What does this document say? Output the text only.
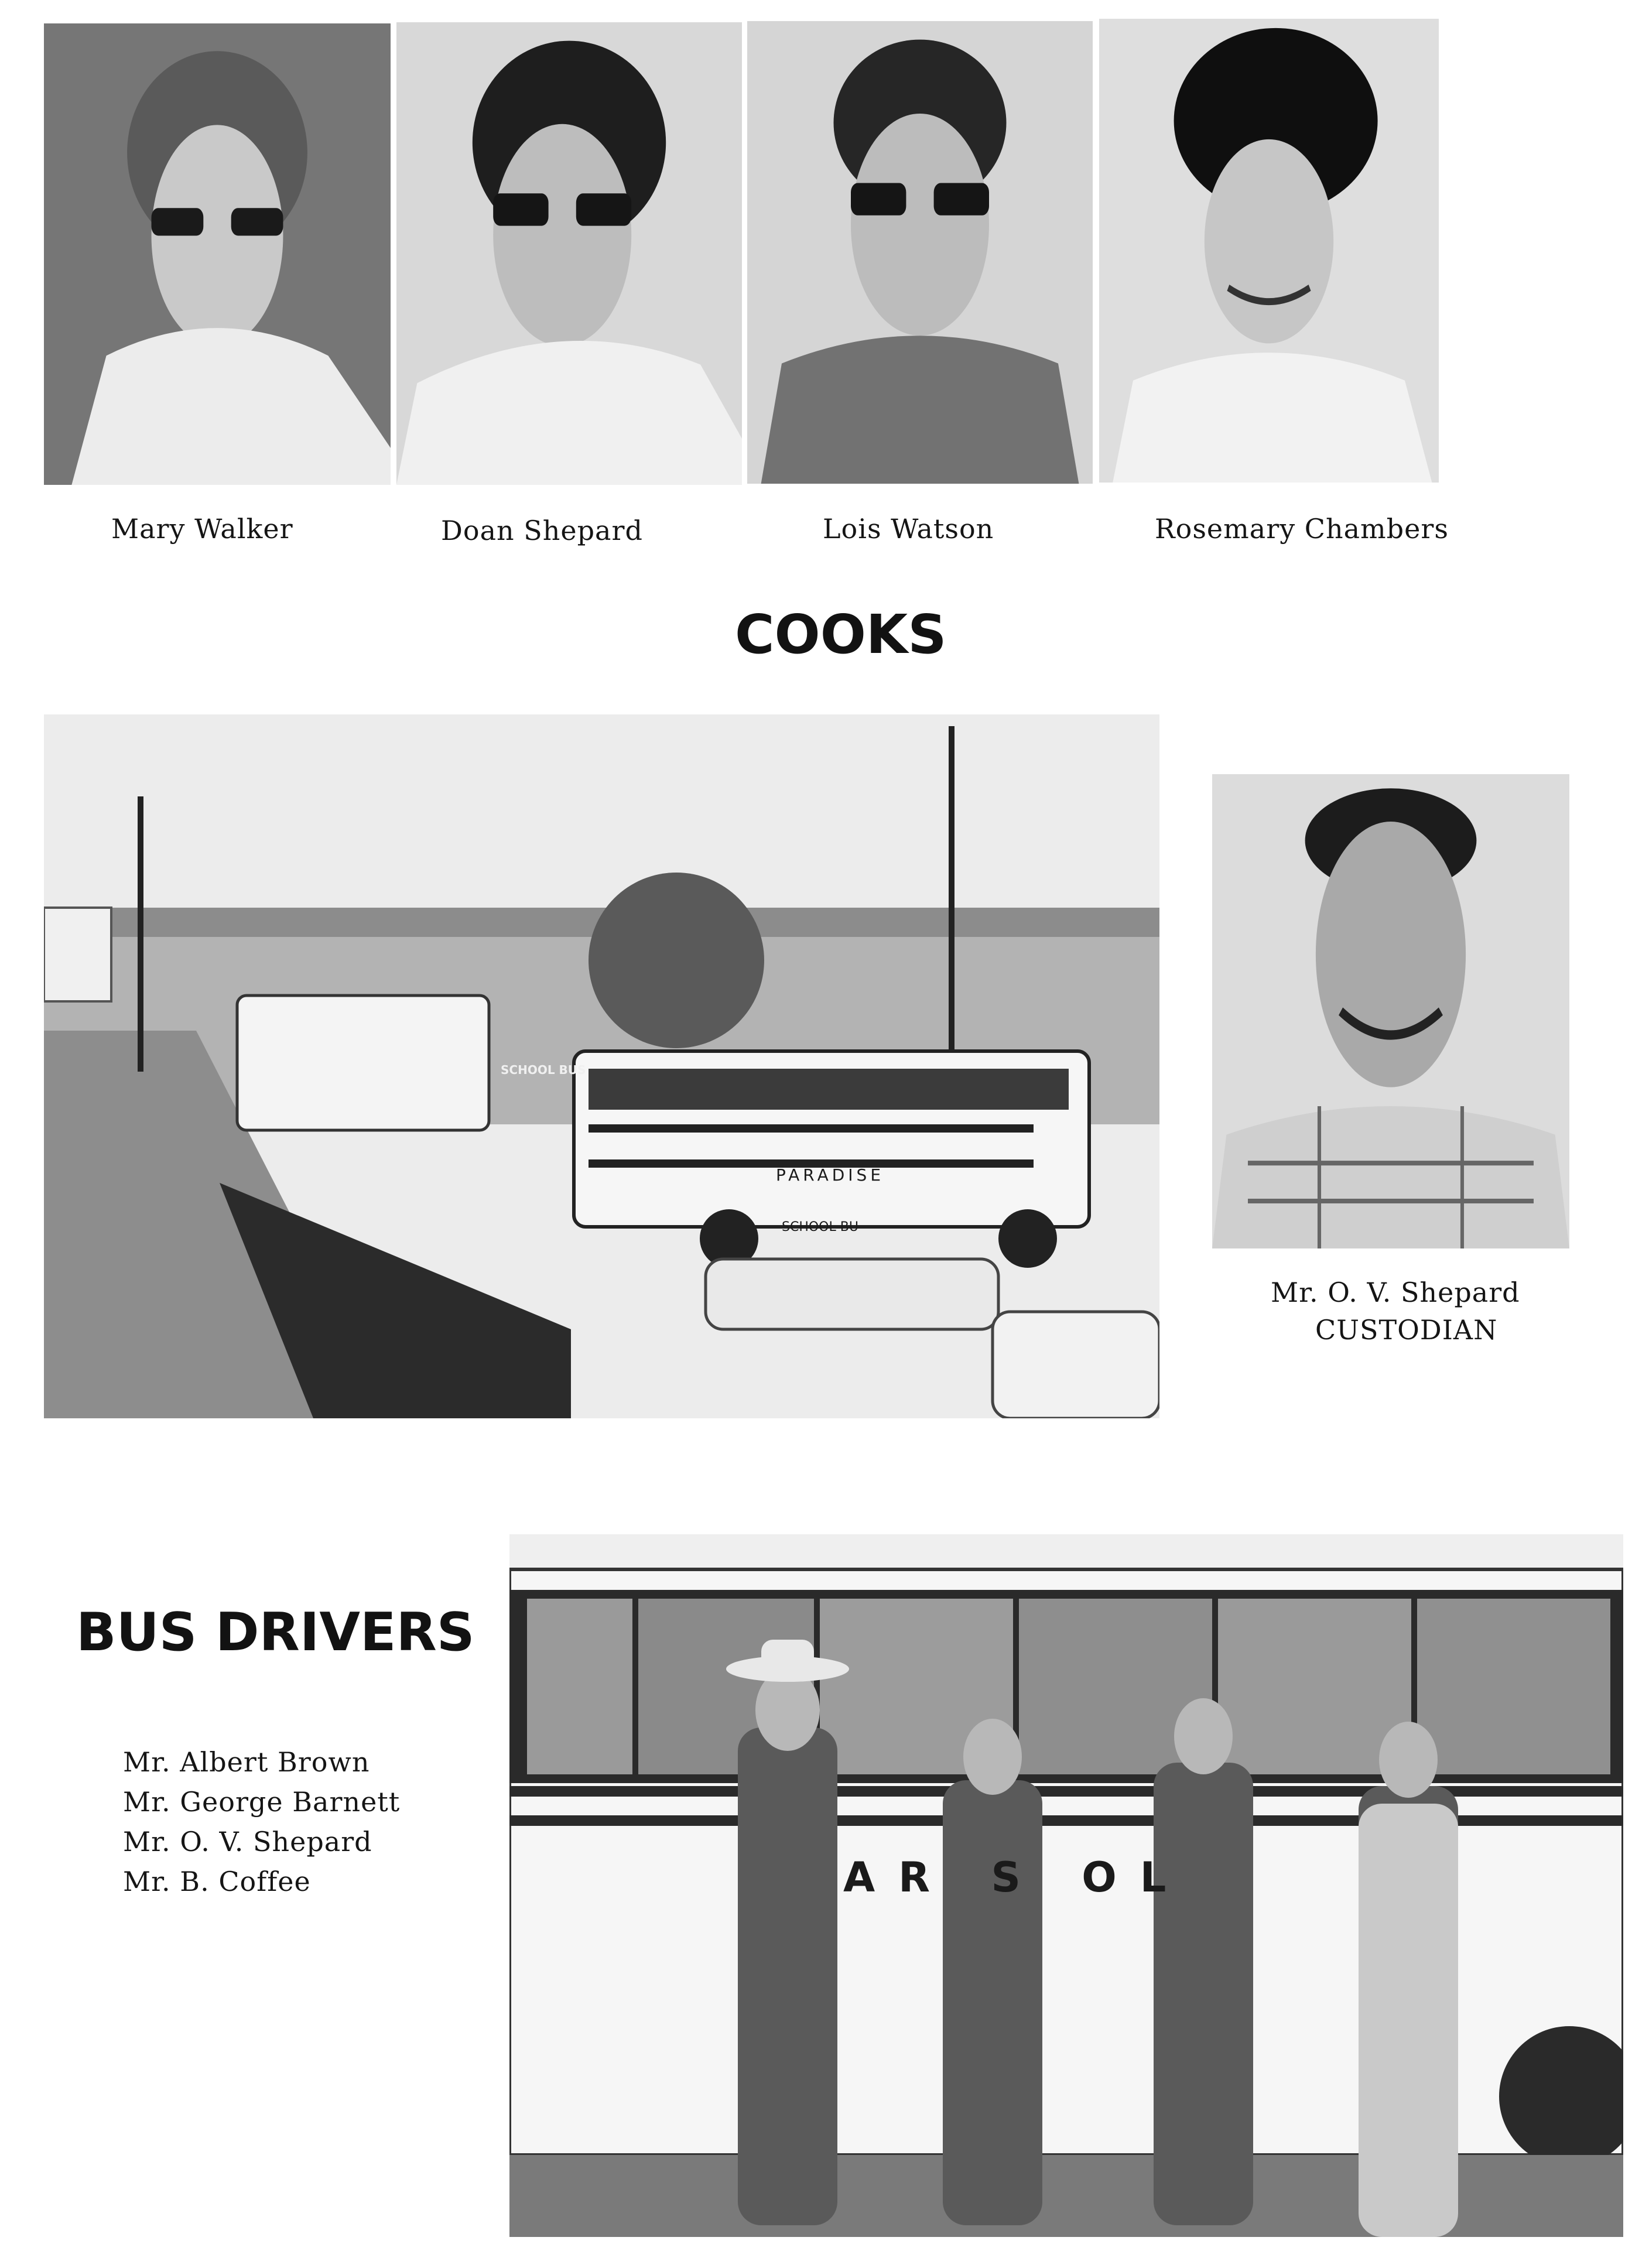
Mary Walker	Doan Shepard	Lois Watson	Rosemary Chambers
COOKS
SCHOOL BUS
PARADISE
SCHOOL BU
Mr. O. V. Shepard
CUSTODIAN
BUS DRIVERS
Mr. Albert Brown
Mr. George Barnett
Mr. O. V. Shepard
Mr. B. Coffee	AR S OL
